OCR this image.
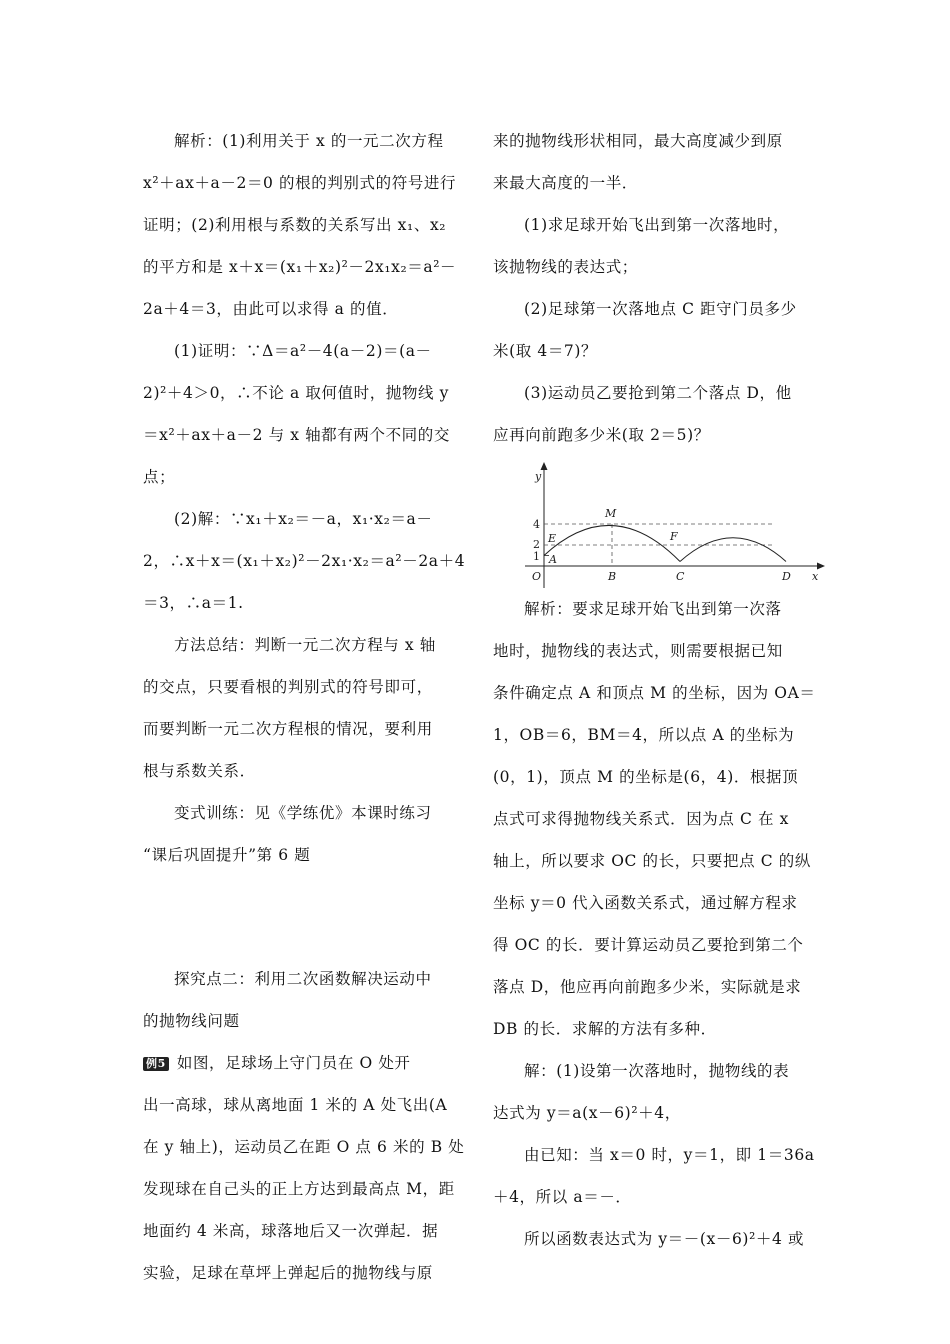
解析：(1)利用关于 x 的一元二次方程
x²＋ax＋a－2＝0 的根的判别式的符号进行
证明；(2)利用根与系数的关系写出 x₁、x₂
的平方和是 x＋x＝(x₁＋x₂)²－2x₁x₂＝a²－
2a＋4＝3，由此可以求得 a 的值．
(1)证明：∵Δ＝a²－4(a－2)＝(a－
2)²＋4＞0，∴不论 a 取何值时，抛物线 y
＝x²＋ax＋a－2 与 x 轴都有两个不同的交
点；
(2)解：∵x₁＋x₂＝－a，x₁·x₂＝a－
2，∴x＋x＝(x₁＋x₂)²－2x₁·x₂＝a²－2a＋4
＝3，∴a＝1.
方法总结：判断一元二次方程与 x 轴
的交点，只要看根的判别式的符号即可，
而要判断一元二次方程根的情况，要利用
根与系数关系．
变式训练：见《学练优》本课时练习
“课后巩固提升”第 6 题
探究点二：利用二次函数解决运动中
的抛物线问题
例5 如图，足球场上守门员在 O 处开
出一高球，球从离地面 1 米的 A 处飞出(A
在 y 轴上)，运动员乙在距 O 点 6 米的 B 处
发现球在自己头的正上方达到最高点 M，距
地面约 4 米高，球落地后又一次弹起．据
实验，足球在草坪上弹起后的抛物线与原
来的抛物线形状相同，最大高度减少到原
来最大高度的一半．
(1)求足球开始飞出到第一次落地时，
该抛物线的表达式；
(2)足球第一次落地点 C 距守门员多少
米(取 4＝7)？
(3)运动员乙要抢到第二个落点 D，他
应再向前跑多少米(取 2＝5)？
y
x
O
4
2
1
M
E
A
F
B	C	D
解析：要求足球开始飞出到第一次落
地时，抛物线的表达式，则需要根据已知
条件确定点 A 和顶点 M 的坐标，因为 OA＝
1，OB＝6，BM＝4，所以点 A 的坐标为
(0，1)，顶点 M 的坐标是(6，4)．根据顶
点式可求得抛物线关系式．因为点 C 在 x
轴上，所以要求 OC 的长，只要把点 C 的纵
坐标 y＝0 代入函数关系式，通过解方程求
得 OC 的长．要计算运动员乙要抢到第二个
落点 D，他应再向前跑多少米，实际就是求
DB 的长．求解的方法有多种．
解：(1)设第一次落地时，抛物线的表
达式为 y＝a(x－6)²＋4，
由已知：当 x＝0 时，y＝1，即 1＝36a
＋4，所以 a＝－．
所以函数表达式为 y＝－(x－6)²＋4 或
